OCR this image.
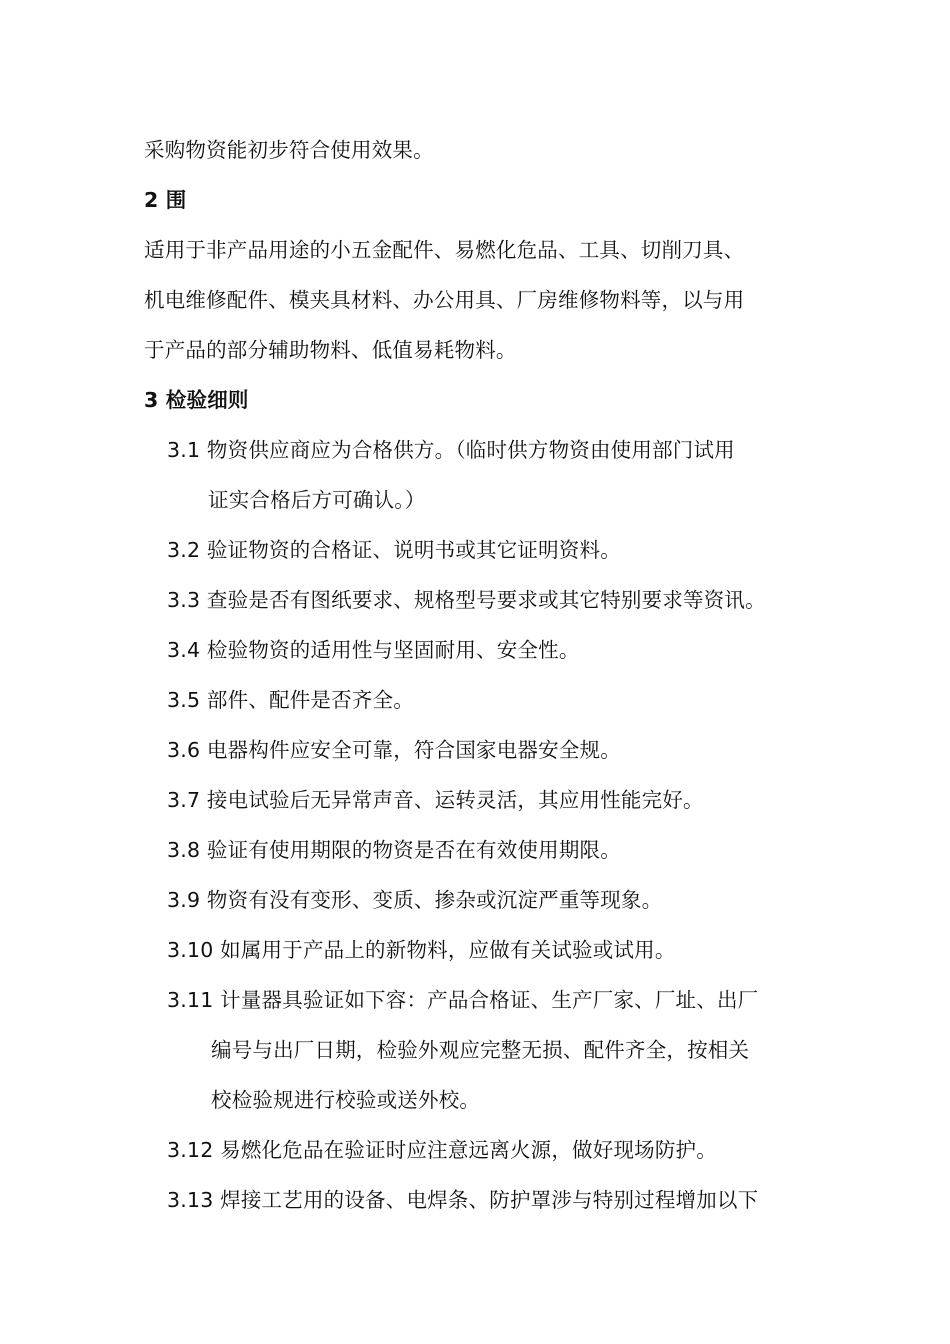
采购物资能初步符合使用效果。
2 围
适用于非产品用途的小五金配件、易燃化危品、工具、切削刀具、
机电维修配件、模夹具材料、办公用具、厂房维修物料等，以与用
于产品的部分辅助物料、低值易耗物料。
3 检验细则
3.1 物资供应商应为合格供方。（临时供方物资由使用部门试用
证实合格后方可确认。）
3.2 验证物资的合格证、说明书或其它证明资料。
3.3 查验是否有图纸要求、规格型号要求或其它特别要求等资讯。
3.4 检验物资的适用性与坚固耐用、安全性。
3.5 部件、配件是否齐全。
3.6 电器构件应安全可靠，符合国家电器安全规。
3.7 接电试验后无异常声音、运转灵活，其应用性能完好。
3.8 验证有使用期限的物资是否在有效使用期限。
3.9 物资有没有变形、变质、掺杂或沉淀严重等现象。
3.10 如属用于产品上的新物料，应做有关试验或试用。
3.11 计量器具验证如下容：产品合格证、生产厂家、厂址、出厂
编号与出厂日期，检验外观应完整无损、配件齐全，按相关
校检验规进行校验或送外校。
3.12 易燃化危品在验证时应注意远离火源，做好现场防护。
3.13 焊接工艺用的设备、电焊条、防护罩涉与特别过程增加以下
